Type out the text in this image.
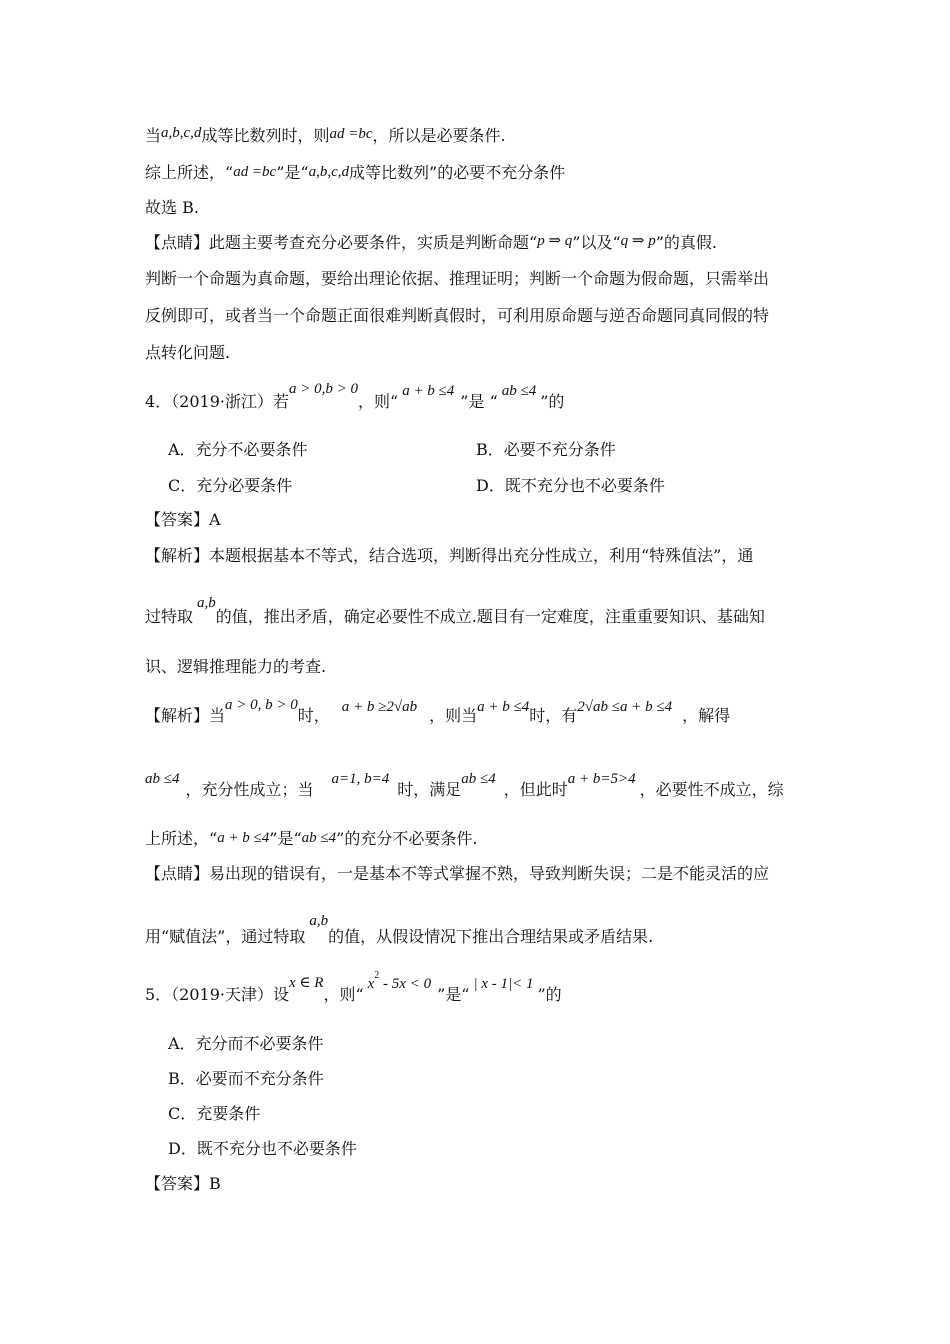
当a,b,c,d成等比数列时，则ad =bc，所以是必要条件.
综上所述，“ad =bc”是“a,b,c,d成等比数列”的必要不充分条件
故选 B.
【点睛】此题主要考查充分必要条件，实质是判断命题“p ⇒ q”以及“q ⇒ p”的真假.
判断一个命题为真命题，要给出理论依据、推理证明；判断一个命题为假命题，只需举出
反例即可，或者当一个命题正面很难判断真假时，可利用原命题与逆否命题同真同假的特
点转化问题.
4．（2019·浙江）若a > 0,b > 0，则“a + b ≤4”是 “ab ≤4”的
A．充分不必要条件	B．必要不充分条件
C．充分必要条件	D．既不充分也不必要条件
【答案】A
【解析】本题根据基本不等式，结合选项，判断得出充分性成立，利用“特殊值法”，通
过特取a,b的值，推出矛盾，确定必要性不成立.题目有一定难度，注重重要知识、基础知
识、逻辑推理能力的考查.
【解析】当a > 0, b > 0时， a + b ≥2√ab ，则当a + b ≤4时，有2√ab ≤a + b ≤4 ，解得
ab ≤4，充分性成立；当a=1, b=4时，满足ab ≤4，但此时a + b=5>4，必要性不成立，综
上所述，“a + b ≤4”是“ab ≤4”的充分不必要条件.
【点睛】易出现的错误有，一是基本不等式掌握不熟，导致判断失误；二是不能灵活的应
用“赋值法”，通过特取a,b的值，从假设情况下推出合理结果或矛盾结果.
5．（2019·天津）设x ∈ R，则“$x^2 - 5x < 0$”是“| x - 1|< 1”的
A．充分而不必要条件
B．必要而不充分条件
C．充要条件
D．既不充分也不必要条件
【答案】B
